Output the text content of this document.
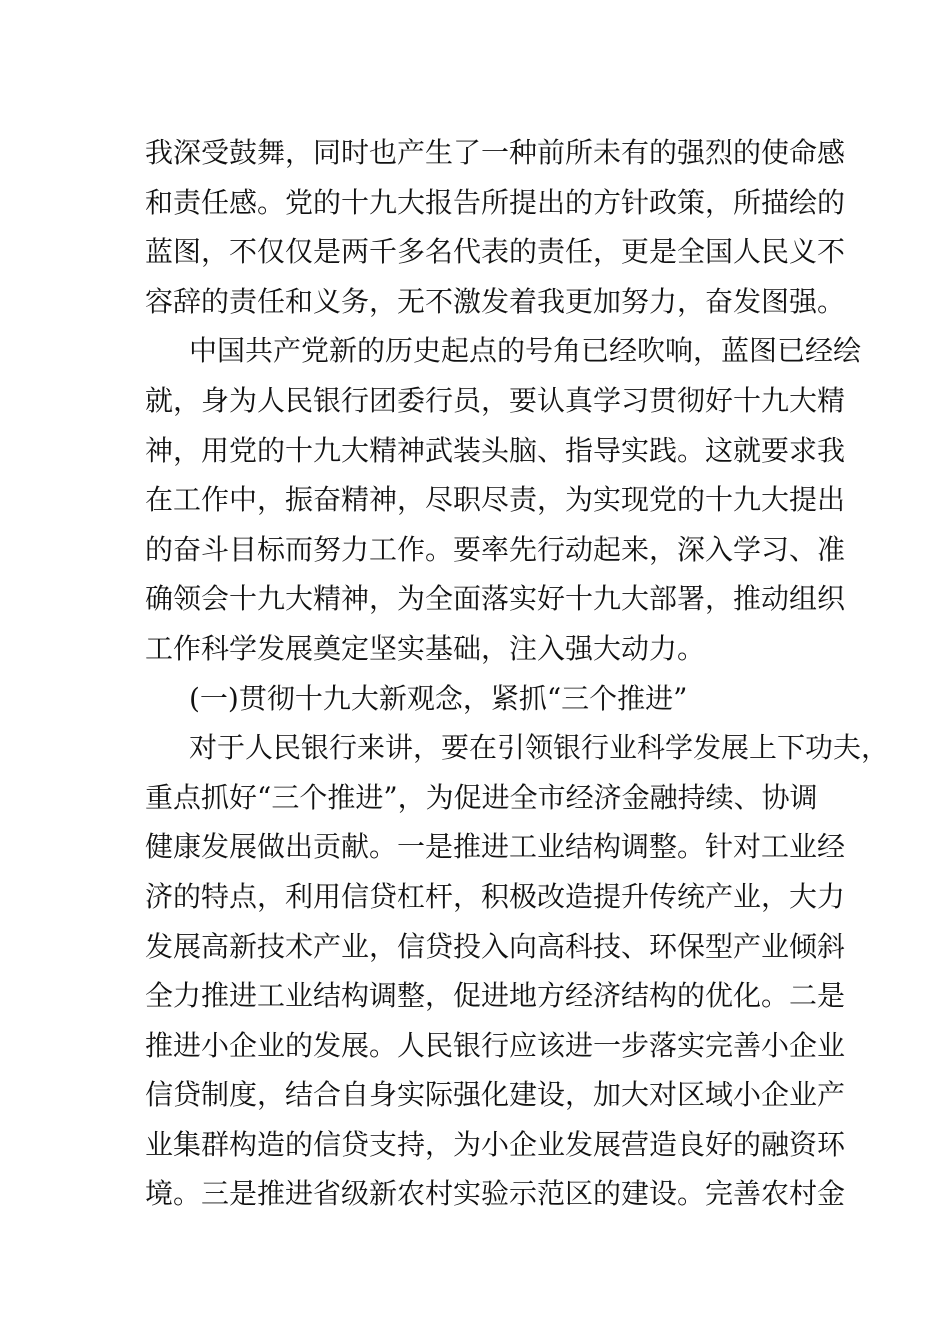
我深受鼓舞，同时也产生了一种前所未有的强烈的使命感
和责任感。党的十九大报告所提出的方针政策，所描绘的
蓝图，不仅仅是两千多名代表的责任，更是全国人民义不
容辞的责任和义务，无不激发着我更加努力，奋发图强。
中国共产党新的历史起点的号角已经吹响，蓝图已经绘
就，身为人民银行团委行员，要认真学习贯彻好十九大精
神，用党的十九大精神武装头脑、指导实践。这就要求我
在工作中，振奋精神，尽职尽责，为实现党的十九大提出
的奋斗目标而努力工作。要率先行动起来，深入学习、准
确领会十九大精神，为全面落实好十九大部署，推动组织
工作科学发展奠定坚实基础，注入强大动力。
(一)贯彻十九大新观念，紧抓“三个推进”
对于人民银行来讲，要在引领银行业科学发展上下功夫，
重点抓好“三个推进”，为促进全市经济金融持续、协调
健康发展做出贡献。一是推进工业结构调整。针对工业经
济的特点，利用信贷杠杆，积极改造提升传统产业，大力
发展高新技术产业，信贷投入向高科技、环保型产业倾斜
全力推进工业结构调整，促进地方经济结构的优化。二是
推进小企业的发展。人民银行应该进一步落实完善小企业
信贷制度，结合自身实际强化建设，加大对区域小企业产
业集群构造的信贷支持，为小企业发展营造良好的融资环
境。三是推进省级新农村实验示范区的建设。完善农村金
